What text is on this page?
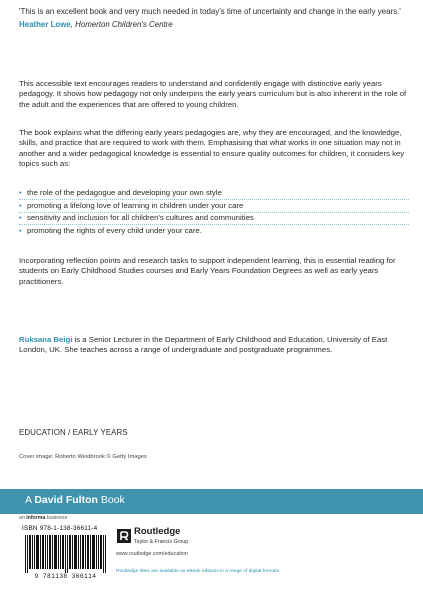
'This is an excellent book and very much needed in today's time of uncertainty and change in the early years.'
Heather Lowe, Homerton Children's Centre
This accessible text encourages readers to understand and confidently engage with distinctive early years pedagogy. It shows how pedagogy not only underpins the early years curriculum but is also inherent in the role of the adult and the experiences that are offered to young children.
The book explains what the differing early years pedagogies are, why they are encouraged, and the knowledge, skills, and practice that are required to work with them. Emphasising that what works in one situation may not in another and a wider pedagogical knowledge is essential to ensure quality outcomes for children, it considers key topics such as:
• the role of the pedagogue and developing your own style
• promoting a lifelong love of learning in children under your care
• sensitivity and inclusion for all children's cultures and communities
• promoting the rights of every child under your care.
Incorporating reflection points and research tasks to support independent learning, this is essential reading for students on Early Childhood Studies courses and Early Years Foundation Degrees as well as early years practitioners.
Ruksana Beigi is a Senior Lecturer in the Department of Early Childhood and Education, University of East London, UK. She teaches across a range of undergraduate and postgraduate programmes.
EDUCATION / EARLY YEARS
Cover image: Roberto Westbrook © Getty Images
A David Fulton Book
an informa business
ISBN 978-1-138-36611-4
9 781138 366114
Routledge
Taylor & Francis Group
www.routledge.com/education
Routledge titles are available as eBook editions in a range of digital formats
